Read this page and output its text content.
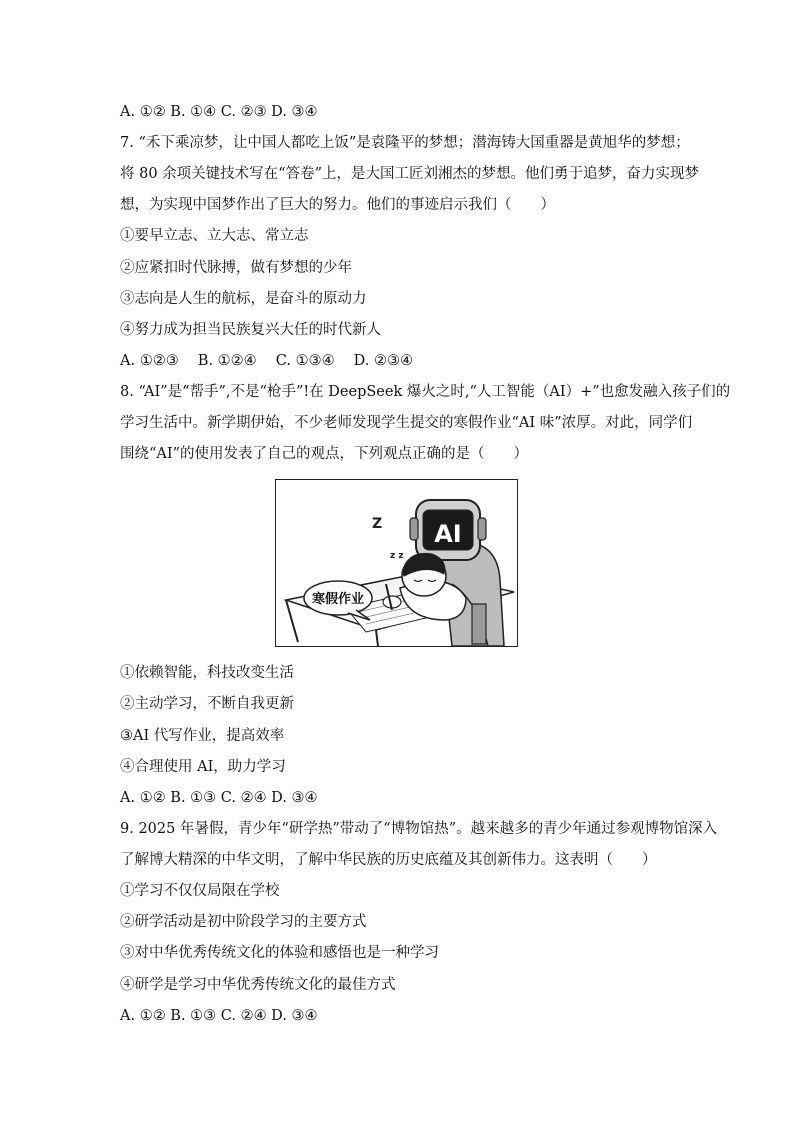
A. ①② B. ①④ C. ②③ D. ③④
7. “禾下乘凉梦，让中国人都吃上饭”是袁隆平的梦想；潜海铸大国重器是黄旭华的梦想；
将 80 余项关键技术写在“答卷”上，是大国工匠刘湘杰的梦想。他们勇于追梦，奋力实现梦
想，为实现中国梦作出了巨大的努力。他们的事迹启示我们（　　）
①要早立志、立大志、常立志
②应紧扣时代脉搏，做有梦想的少年
③志向是人生的航标，是奋斗的原动力
④努力成为担当民族复兴大任的时代新人
A. ①②③　 B. ①②④　 C. ①③④　 D. ②③④
8. “AI”是“帮手”,不是“枪手”!在 DeepSeek 爆火之时,“人工智能（AI）+”也愈发融入孩子们的
学习生活中。新学期伊始，不少老师发现学生提交的寒假作业“AI 味”浓厚。对此，同学们
围绕“AI”的使用发表了自己的观点，下列观点正确的是（　　）
AI
Z
z z
寒假作业
①依赖智能，科技改变生活
②主动学习，不断自我更新
③AI 代写作业，提高效率
④合理使用 AI，助力学习
A. ①② B. ①③ C. ②④ D. ③④
9. 2025 年暑假，青少年“研学热”带动了“博物馆热”。越来越多的青少年通过参观博物馆深入
了解博大精深的中华文明，了解中华民族的历史底蕴及其创新伟力。这表明（　　）
①学习不仅仅局限在学校
②研学活动是初中阶段学习的主要方式
③对中华优秀传统文化的体验和感悟也是一种学习
④研学是学习中华优秀传统文化的最佳方式
A. ①② B. ①③ C. ②④ D. ③④
